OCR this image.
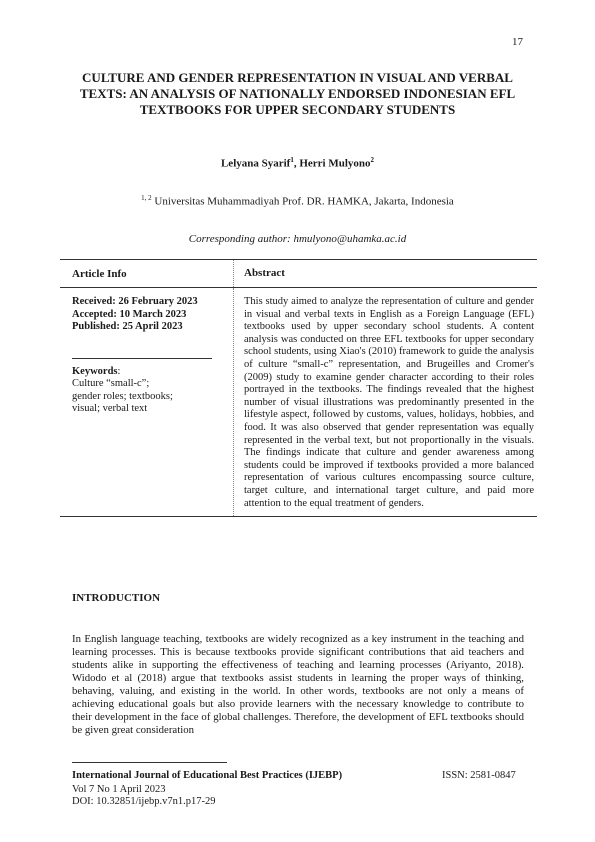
17
CULTURE AND GENDER REPRESENTATION IN VISUAL AND VERBAL TEXTS: AN ANALYSIS OF NATIONALLY ENDORSED INDONESIAN EFL TEXTBOOKS FOR UPPER SECONDARY STUDENTS
Lelyana Syarif$^1$, Herri Mulyono$^2$
$^{1, 2}$ Universitas Muhammadiyah Prof. DR. HAMKA, Jakarta, Indonesia
Corresponding author: hmulyono@uhamka.ac.id
Article Info	Abstract
Received: 26 February 2023
Accepted: 10 March 2023
Published: 25 April 2023
Keywords:
Culture “small-c”;
gender roles; textbooks;
visual; verbal text
This study aimed to analyze the representation of culture and gender in visual and verbal texts in English as a Foreign Language (EFL) textbooks used by upper secondary school students. A content analysis was conducted on three EFL textbooks for upper secondary school students, using Xiao's (2010) framework to guide the analysis of culture “small-c” representation, and Brugeilles and Cromer's (2009) study to examine gender character according to their roles portrayed in the textbooks. The findings revealed that the highest number of visual illustrations was predominantly presented in the lifestyle aspect, followed by customs, values, holidays, hobbies, and food. It was also observed that gender representation was equally represented in the verbal text, but not proportionally in the visuals. The findings indicate that culture and gender awareness among students could be improved if textbooks provided a more balanced representation of various cultures encompassing source culture, target culture, and international target culture, and paid more attention to the equal treatment of genders.
INTRODUCTION
In English language teaching, textbooks are widely recognized as a key instrument in the teaching and learning processes. This is because textbooks provide significant contributions that aid teachers and students alike in supporting the effectiveness of teaching and learning processes (Ariyanto, 2018). Widodo et al (2018) argue that textbooks assist students in learning the proper ways of thinking, behaving, valuing, and existing in the world. In other words, textbooks are not only a means of achieving educational goals but also provide learners with the necessary knowledge to contribute to their development in the face of global challenges. Therefore, the development of EFL textbooks should be given great consideration
International Journal of Educational Best Practices (IJEBP)	ISSN: 2581-0847
Vol 7 No 1 April 2023
DOI: 10.32851/ijebp.v7n1.p17-29
